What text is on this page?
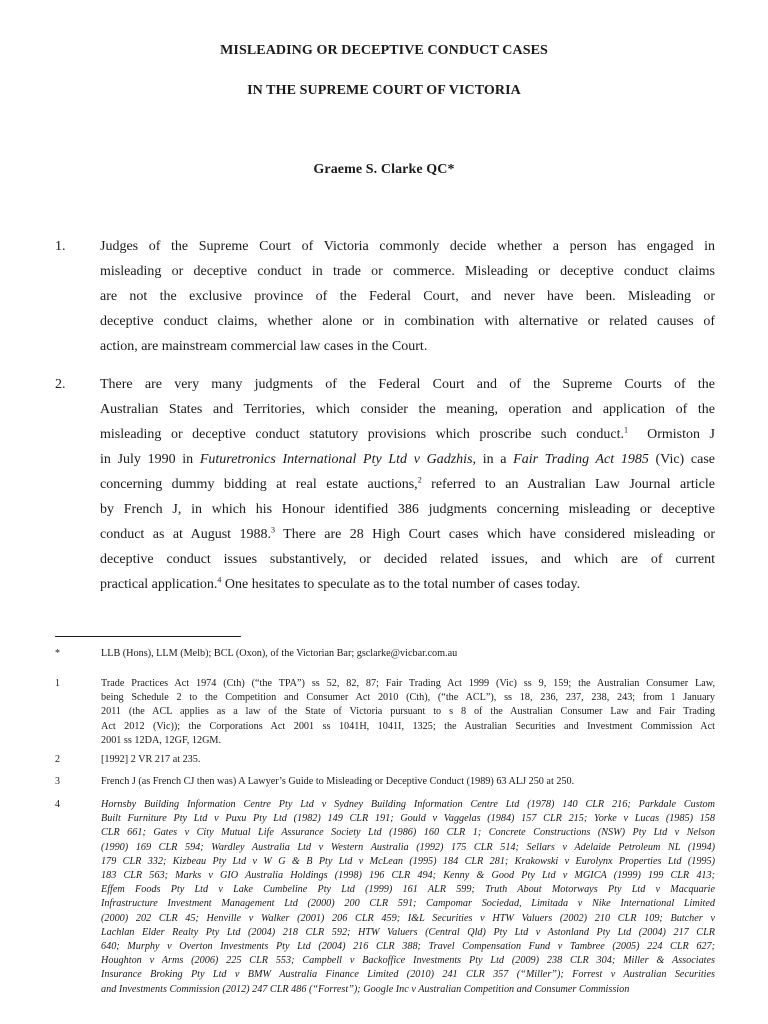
MISLEADING OR DECEPTIVE CONDUCT CASES
IN THE SUPREME COURT OF VICTORIA
Graeme S. Clarke QC*
1. Judges of the Supreme Court of Victoria commonly decide whether a person has engaged in
misleading or deceptive conduct in trade or commerce. Misleading or deceptive conduct claims
are not the exclusive province of the Federal Court, and never have been. Misleading or
deceptive conduct claims, whether alone or in combination with alternative or related causes of
action, are mainstream commercial law cases in the Court.
2. There are very many judgments of the Federal Court and of the Supreme Courts of the
Australian States and Territories, which consider the meaning, operation and application of the
misleading or deceptive conduct statutory provisions which proscribe such conduct.$^1$ Ormiston J
in July 1990 in Futuretronics International Pty Ltd v Gadzhis, in a Fair Trading Act 1985 (Vic) case
concerning dummy bidding at real estate auctions,$^2$ referred to an Australian Law Journal article
by French J, in which his Honour identified 386 judgments concerning misleading or deceptive
conduct as at August 1988.$^3$ There are 28 High Court cases which have considered misleading or
deceptive conduct issues substantively, or decided related issues, and which are of current
practical application.$^4$ One hesitates to speculate as to the total number of cases today.
*	LLB (Hons), LLM (Melb); BCL (Oxon), of the Victorian Bar; gsclarke@vicbar.com.au
1	Trade Practices Act 1974 (Cth) (“the TPA”) ss 52, 82, 87; Fair Trading Act 1999 (Vic) ss 9, 159; the Australian Consumer Law,
being Schedule 2 to the Competition and Consumer Act 2010 (Cth), (“the ACL”), ss 18, 236, 237, 238, 243; from 1 January
2011 (the ACL applies as a law of the State of Victoria pursuant to s 8 of the Australian Consumer Law and Fair Trading
Act 2012 (Vic)); the Corporations Act 2001 ss 1041H, 1041I, 1325; the Australian Securities and Investment Commission Act
2001 ss 12DA, 12GF, 12GM.
2	[1992] 2 VR 217 at 235.
3	French J (as French CJ then was) A Lawyer’s Guide to Misleading or Deceptive Conduct (1989) 63 ALJ 250 at 250.
4	Hornsby Building Information Centre Pty Ltd v Sydney Building Information Centre Ltd (1978) 140 CLR 216; Parkdale Custom
Built Furniture Pty Ltd v Puxu Pty Ltd (1982) 149 CLR 191; Gould v Vaggelas (1984) 157 CLR 215; Yorke v Lucas (1985) 158
CLR 661; Gates v City Mutual Life Assurance Society Ltd (1986) 160 CLR 1; Concrete Constructions (NSW) Pty Ltd v Nelson
(1990) 169 CLR 594; Wardley Australia Ltd v Western Australia (1992) 175 CLR 514; Sellars v Adelaide Petroleum NL (1994)
179 CLR 332; Kizbeau Pty Ltd v W G & B Pty Ltd v McLean (1995) 184 CLR 281; Krakowski v Eurolynx Properties Ltd (1995)
183 CLR 563; Marks v GIO Australia Holdings (1998) 196 CLR 494; Kenny & Good Pty Ltd v MGICA (1999) 199 CLR 413;
Effem Foods Pty Ltd v Lake Cumbeline Pty Ltd (1999) 161 ALR 599; Truth About Motorways Pty Ltd v Macquarie
Infrastructure Investment Management Ltd (2000) 200 CLR 591; Campomar Sociedad, Limitada v Nike International Limited
(2000) 202 CLR 45; Henville v Walker (2001) 206 CLR 459; I&L Securities v HTW Valuers (2002) 210 CLR 109; Butcher v
Lachlan Elder Realty Pty Ltd (2004) 218 CLR 592; HTW Valuers (Central Qld) Pty Ltd v Astonland Pty Ltd (2004) 217 CLR
640; Murphy v Overton Investments Pty Ltd (2004) 216 CLR 388; Travel Compensation Fund v Tambree (2005) 224 CLR 627;
Houghton v Arms (2006) 225 CLR 553; Campbell v Backoffice Investments Pty Ltd (2009) 238 CLR 304; Miller & Associates
Insurance Broking Pty Ltd v BMW Australia Finance Limited (2010) 241 CLR 357 (“Miller”); Forrest v Australian Securities
and Investments Commission (2012) 247 CLR 486 (“Forrest”); Google Inc v Australian Competition and Consumer Commission
